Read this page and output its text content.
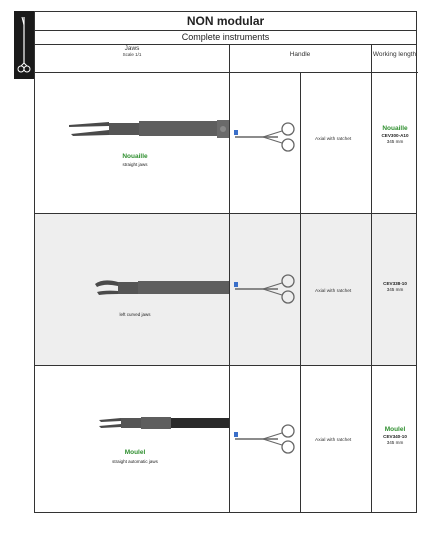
NON modular
Complete instruments
Jaws
Scale 1/1	Handle	Working length
Nouaille
straight jaws
Axial with ratchet
Nouaille
CEV300-A10
345 mm
left curved jaws
Axial with ratchet
CEV338-10
345 mm
Moulel
straight automatic jaws
Axial with ratchet
Moulel
CEV340-10
345 mm
